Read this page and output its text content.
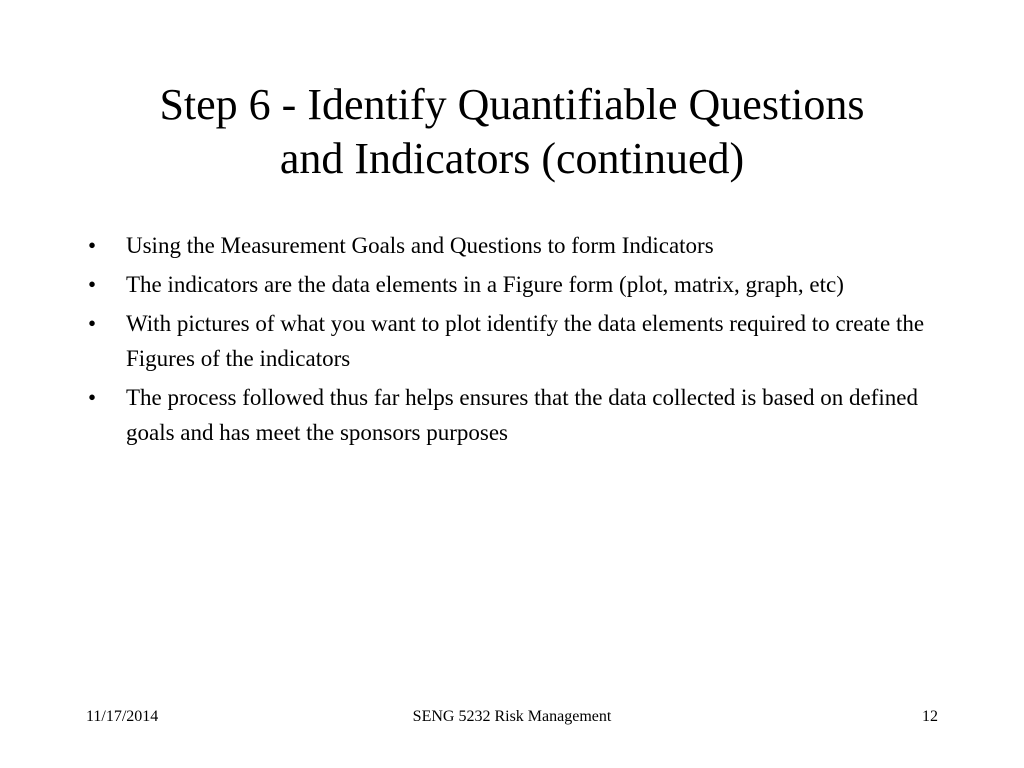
Step 6 - Identify Quantifiable Questions
and Indicators (continued)
•	Using the Measurement Goals and Questions to form Indicators
•	The indicators are the data elements in a Figure form (plot, matrix, graph, etc)
•	With pictures of what you want to plot identify the data elements required to create the Figures of the indicators
•	The process followed thus far helps ensures that the data collected is based on defined goals and has meet the sponsors purposes
11/17/2014	SENG 5232 Risk Management	12
